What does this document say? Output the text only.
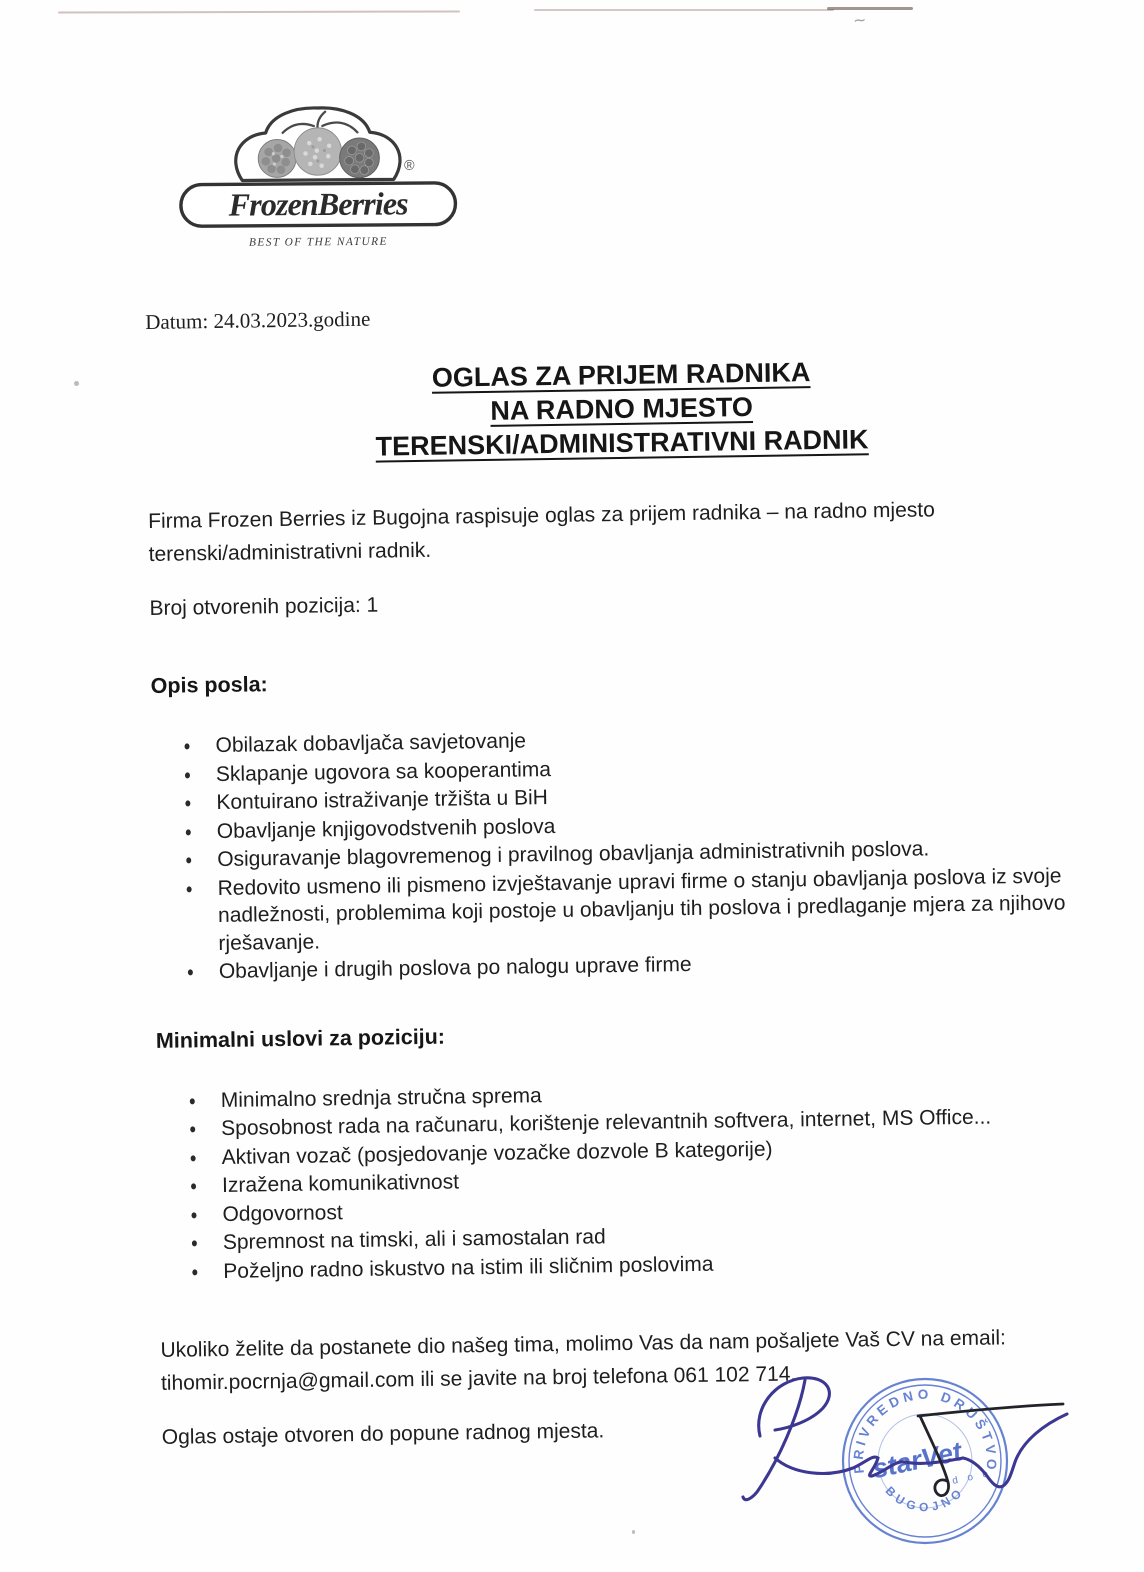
~
®
FrozenBerries
BEST OF THE NATURE
Datum: 24.03.2023.godine
OGLAS ZA PRIJEM RADNIKA
NA RADNO MJESTO
TERENSKI/ADMINISTRATIVNI RADNIK

Firma Frozen Berries iz Bugojna raspisuje oglas za prijem radnika – na radno mjesto terenski/administrativni radnik.

Broj otvorenih pozicija: 1

Opis posla:
Obilazak dobavljača savjetovanje
Sklapanje ugovora sa kooperantima
Kontuirano istraživanje tržišta u BiH
Obavljanje knjigovodstvenih poslova
Osiguravanje blagovremenog i pravilnog obavljanja administrativnih poslova.
Redovito usmeno ili pismeno izvještavanje upravi firme o stanju obavljanja poslova iz svoje nadležnosti, problemima koji postoje u obavljanju tih poslova i predlaganje mjera za njihovo rješavanje.
Obavljanje i drugih poslova po nalogu uprave firme
Minimalni uslovi za poziciju:
Minimalno srednja stručna sprema
Sposobnost rada na računaru, korištenje relevantnih softvera, internet, MS Office...
Aktivan vozač (posjedovanje vozačke dozvole B kategorije)
Izražena komunikativnost
Odgovornost
Spremnost na timski, ali i samostalan rad
Poželjno radno iskustvo na istim ili sličnim poslovima

Ukoliko želite da postanete dio našeg tima, molimo Vas da nam pošaljete Vaš CV na email: tihomir.pocrnja@gmail.com ili se javite na broj telefona 061 102 714.

Oglas ostaje otvoren do popune radnog mjesta.

PRIVREDNO DRUŠTVO
BUGOJNO
starVet
d o o
